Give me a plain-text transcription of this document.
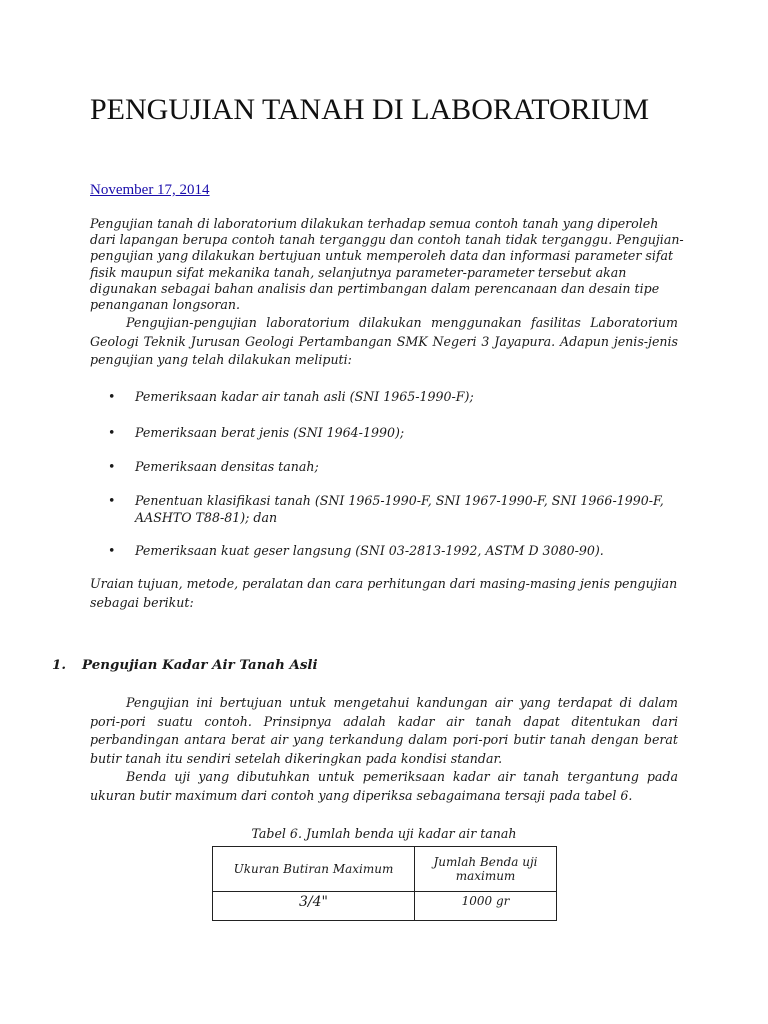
PENGUJIAN TANAH DI LABORATORIUM
November 17, 2014

Pengujian tanah di laboratorium dilakukan terhadap semua contoh tanah yang diperoleh dari lapangan berupa contoh tanah terganggu dan contoh tanah tidak terganggu. Pengujian-pengujian yang dilakukan bertujuan untuk memperoleh data dan informasi parameter sifat fisik maupun sifat mekanika tanah, selanjutnya parameter-parameter tersebut akan digunakan sebagai bahan analisis dan pertimbangan dalam perencanaan dan desain tipe penanganan longsoran.

Pengujian-pengujian laboratorium dilakukan menggunakan fasilitas Laboratorium Geologi Teknik Jurusan Geologi Pertambangan SMK Negeri 3 Jayapura. Adapun jenis-jenis pengujian yang telah dilakukan meliputi:

• Pemeriksaan kadar air tanah asli (SNI 1965-1990-F);
• Pemeriksaan berat jenis (SNI 1964-1990);
• Pemeriksaan densitas tanah;
• Penentuan klasifikasi tanah (SNI 1965-1990-F, SNI 1967-1990-F, SNI 1966-1990-F, AASHTO T88-81); dan
• Pemeriksaan kuat geser langsung (SNI 03-2813-1992, ASTM D 3080-90).

Uraian tujuan, metode, peralatan dan cara perhitungan dari masing-masing jenis pengujian sebagai berikut:

1. Pengujian Kadar Air Tanah Asli

Pengujian ini bertujuan untuk mengetahui kandungan air yang terdapat di dalam pori-pori suatu contoh. Prinsipnya adalah kadar air tanah dapat ditentukan dari perbandingan antara berat air yang terkandung dalam pori-pori butir tanah dengan berat butir tanah itu sendiri setelah dikeringkan pada kondisi standar.

Benda uji yang dibutuhkan untuk pemeriksaan kadar air tanah tergantung pada ukuran butir maximum dari contoh yang diperiksa sebagaimana tersaji pada tabel 6.

Tabel 6. Jumlah benda uji kadar air tanah
Ukuran Butiran Maximum	Jumlah Benda uji maximum
3/4"	1000 gr
